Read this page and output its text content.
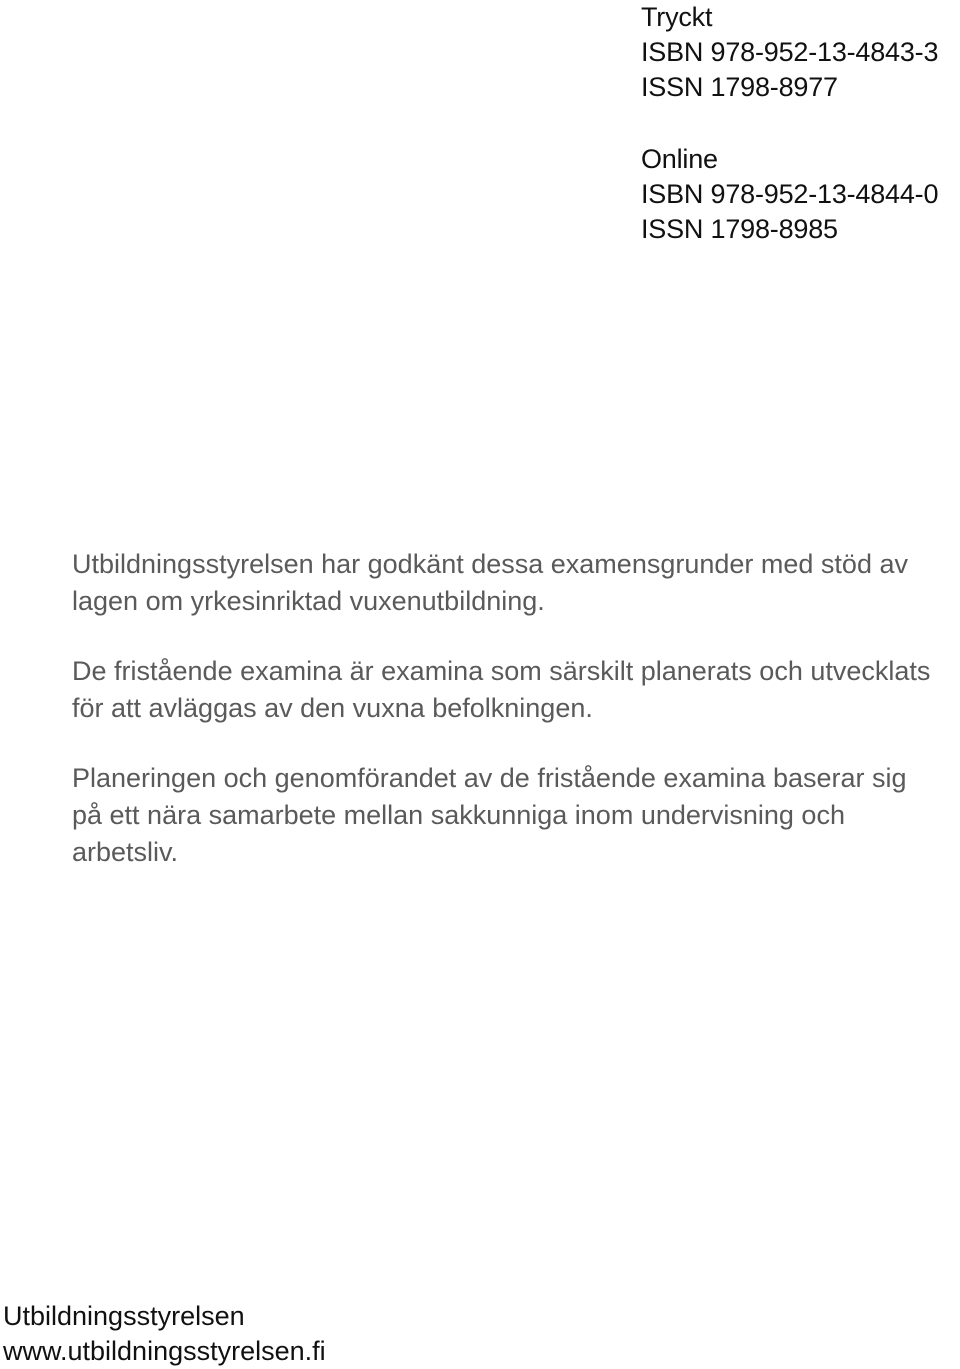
Tryckt

ISBN 978-952-13-4843-3

ISSN 1798-8977

Online

ISBN 978-952-13-4844-0

ISSN 1798-8985

Utbildningsstyrelsen har godkänt dessa examensgrunder med stöd av lagen om yrkesinriktad vuxenutbildning.

De fristående examina är examina som särskilt planerats och utvecklats för att avläggas av den vuxna befolkningen.

Planeringen och genomförandet av de fristående examina baserar sig på ett nära samarbete mellan sakkunniga inom undervisning och arbetsliv.

Utbildningsstyrelsen

www.utbildningsstyrelsen.fi
